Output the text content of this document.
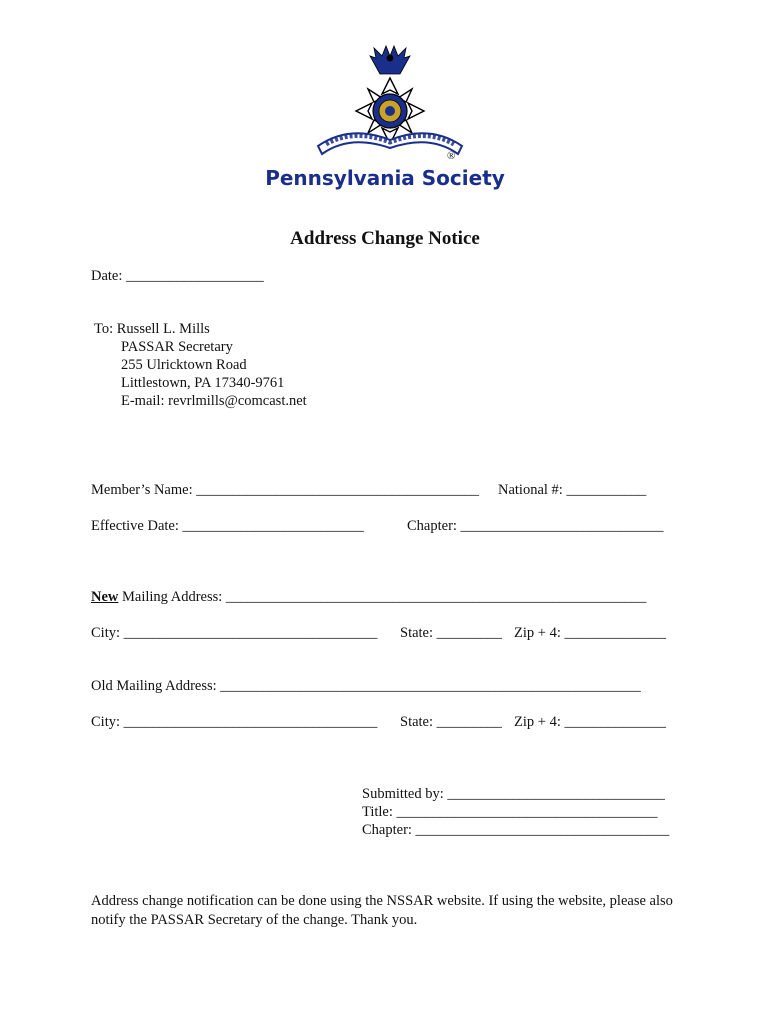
®
Pennsylvania Society
Address Change Notice
Date: ___________________
To: Russell L. Mills
PASSAR Secretary
255 Ulricktown Road
Littlestown, PA 17340-9761
E-mail: revrlmills@comcast.net
Member’s Name: _______________________________________ National #: ___________
Effective Date: _________________________	Chapter: ____________________________
New Mailing Address: __________________________________________________________
City: ___________________________________ State: _________ Zip + 4: ______________
Old Mailing Address: __________________________________________________________
City: ___________________________________ State: _________ Zip + 4: ______________
Submitted by: ______________________________
Title: ____________________________________
Chapter: ___________________________________
Address change notification can be done using the NSSAR website. If using the website, please also notify the PASSAR Secretary of the change. Thank you.
